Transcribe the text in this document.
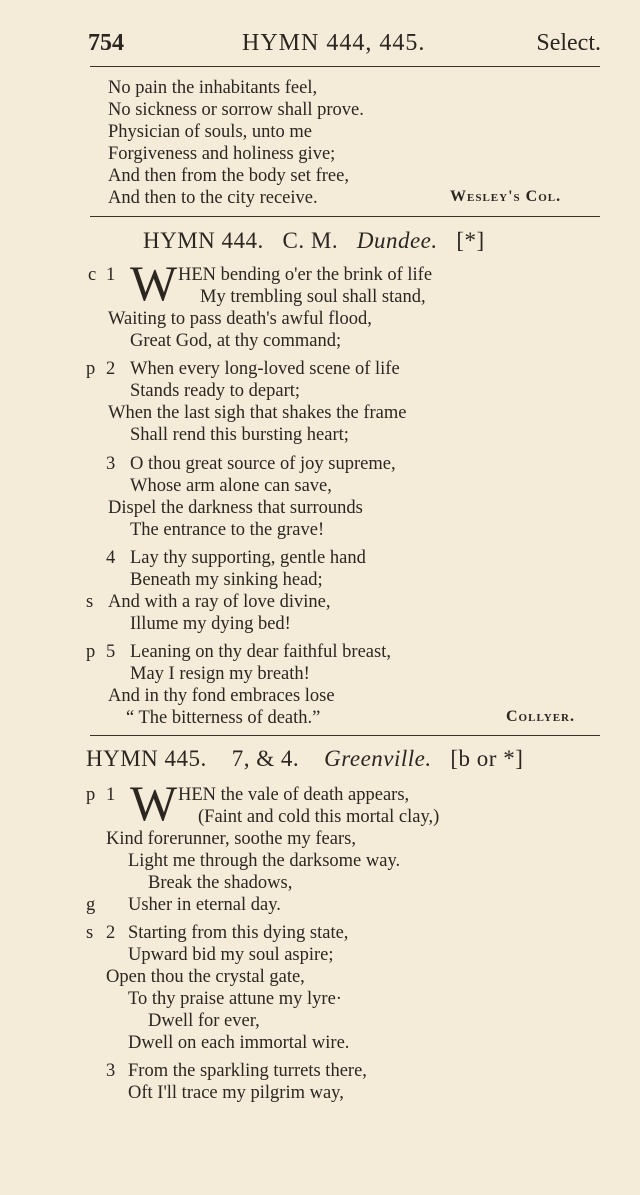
754	HYMN 444, 445.	Select.
No pain the inhabitants feel,
No sickness or sorrow shall prove.
Physician of souls, unto me
Forgiveness and holiness give;
And then from the body set free,
And then to the city receive.	Wesley's Col.
HYMN 444. C. M. Dundee. [*]
c 1 W HEN bending o'er the brink of life
My trembling soul shall stand,
Waiting to pass death's awful flood,
Great God, at thy command;
p 2 When every long-loved scene of life
Stands ready to depart;
When the last sigh that shakes the frame
Shall rend this bursting heart;
3 O thou great source of joy supreme,
Whose arm alone can save,
Dispel the darkness that surrounds
The entrance to the grave!
4 Lay thy supporting, gentle hand
Beneath my sinking head;
s And with a ray of love divine,
Illume my dying bed!
p 5 Leaning on thy dear faithful breast,
May I resign my breath!
And in thy fond embraces lose
“ The bitterness of death.”	Collyer.
HYMN 445. 7, & 4. Greenville. [b or *]
p 1 W HEN the vale of death appears,
(Faint and cold this mortal clay,)
Kind forerunner, soothe my fears,
Light me through the darksome way.
Break the shadows,
g Usher in eternal day.
s 2 Starting from this dying state,
Upward bid my soul aspire;
Open thou the crystal gate,
To thy praise attune my lyre·
Dwell for ever,
Dwell on each immortal wire.
3 From the sparkling turrets there,
Oft I'll trace my pilgrim way,
